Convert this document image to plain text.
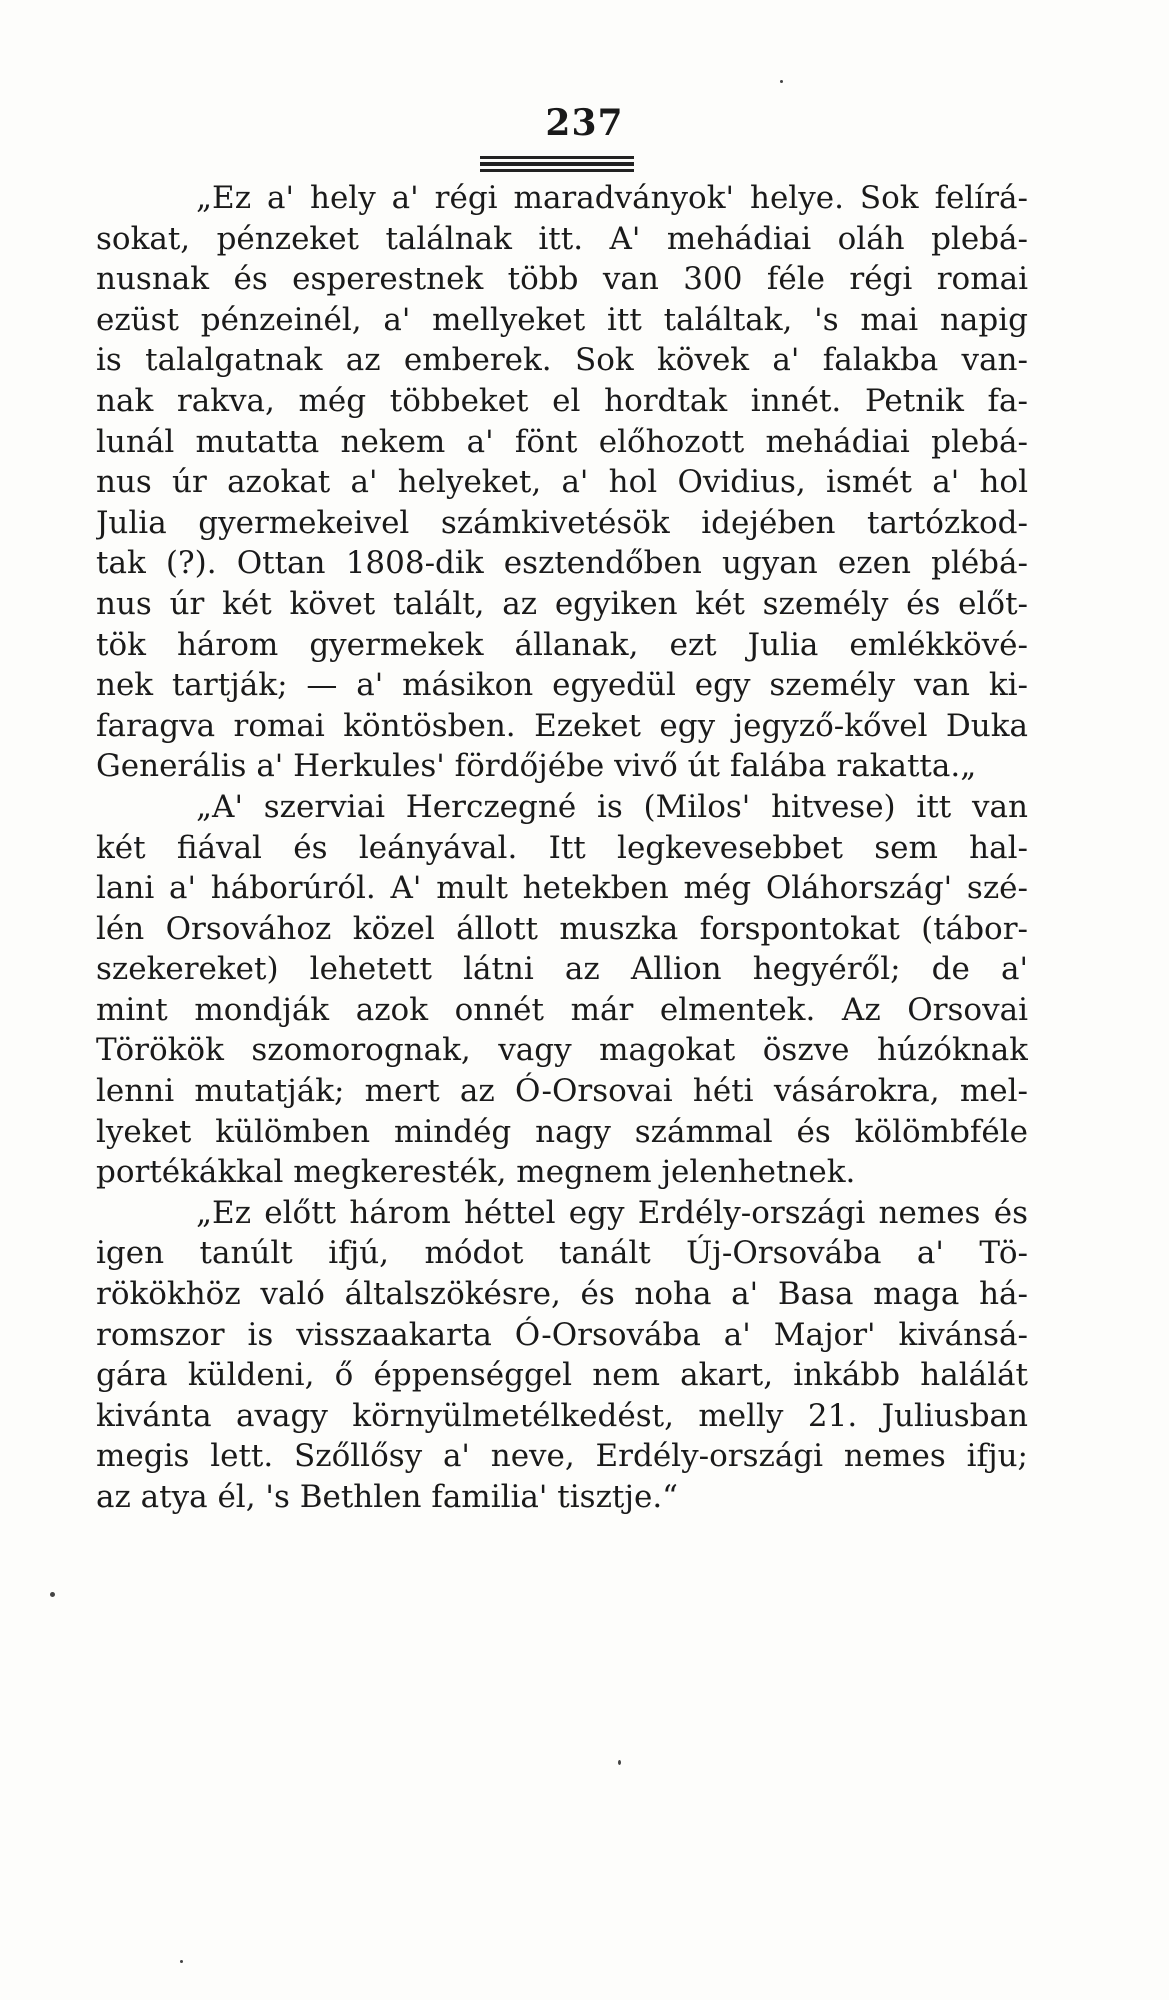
237
„Ez a' hely a' régi maradványok' helye. Sok felírá-
sokat, pénzeket találnak itt. A' mehádiai oláh plebá-
nusnak és esperestnek több van 300 féle régi romai
ezüst pénzeinél, a' mellyeket itt találtak, 's mai napig
is talalgatnak az emberek. Sok kövek a' falakba van-
nak rakva, még többeket el hordtak innét. Petnik fa-
lunál mutatta nekem a' fönt előhozott mehádiai plebá-
nus úr azokat a' helyeket, a' hol Ovidius, ismét a' hol
Julia gyermekeivel számkivetésök idejében tartózkod-
tak (?). Ottan 1808-dik esztendőben ugyan ezen plébá-
nus úr két követ talált, az egyiken két személy és előt-
tök három gyermekek állanak, ezt Julia emlékkövé-
nek tartják; — a' másikon egyedül egy személy van ki-
faragva romai köntösben. Ezeket egy jegyző-kővel Duka
Generális a' Herkules' fördőjébe vivő út falába rakatta.„
„A' szerviai Herczegné is (Milos' hitvese) itt van
két fiával és leányával. Itt legkevesebbet sem hal-
lani a' háborúról. A' mult hetekben még Oláhország' szé-
lén Orsovához közel állott muszka forspontokat (tábor-
szekereket) lehetett látni az Allion hegyéről; de a'
mint mondják azok onnét már elmentek. Az Orsovai
Törökök szomorognak, vagy magokat öszve húzóknak
lenni mutatják; mert az Ó-Orsovai héti vásárokra, mel-
lyeket külömben mindég nagy számmal és kölömbféle
portékákkal megkeresték, megnem jelenhetnek.
„Ez előtt három héttel egy Erdély-országi nemes és
igen tanúlt ifjú, módot tanált Új-Orsovába a' Tö-
rökökhöz való általszökésre, és noha a' Basa maga há-
romszor is visszaakarta Ó-Orsovába a' Major' kivánsá-
gára küldeni, ő éppenséggel nem akart, inkább halálát
kivánta avagy környülmetélkedést, melly 21. Juliusban
megis lett. Szőllősy a' neve, Erdély-országi nemes ifju;
az atya él, 's Bethlen familia' tisztje.“
